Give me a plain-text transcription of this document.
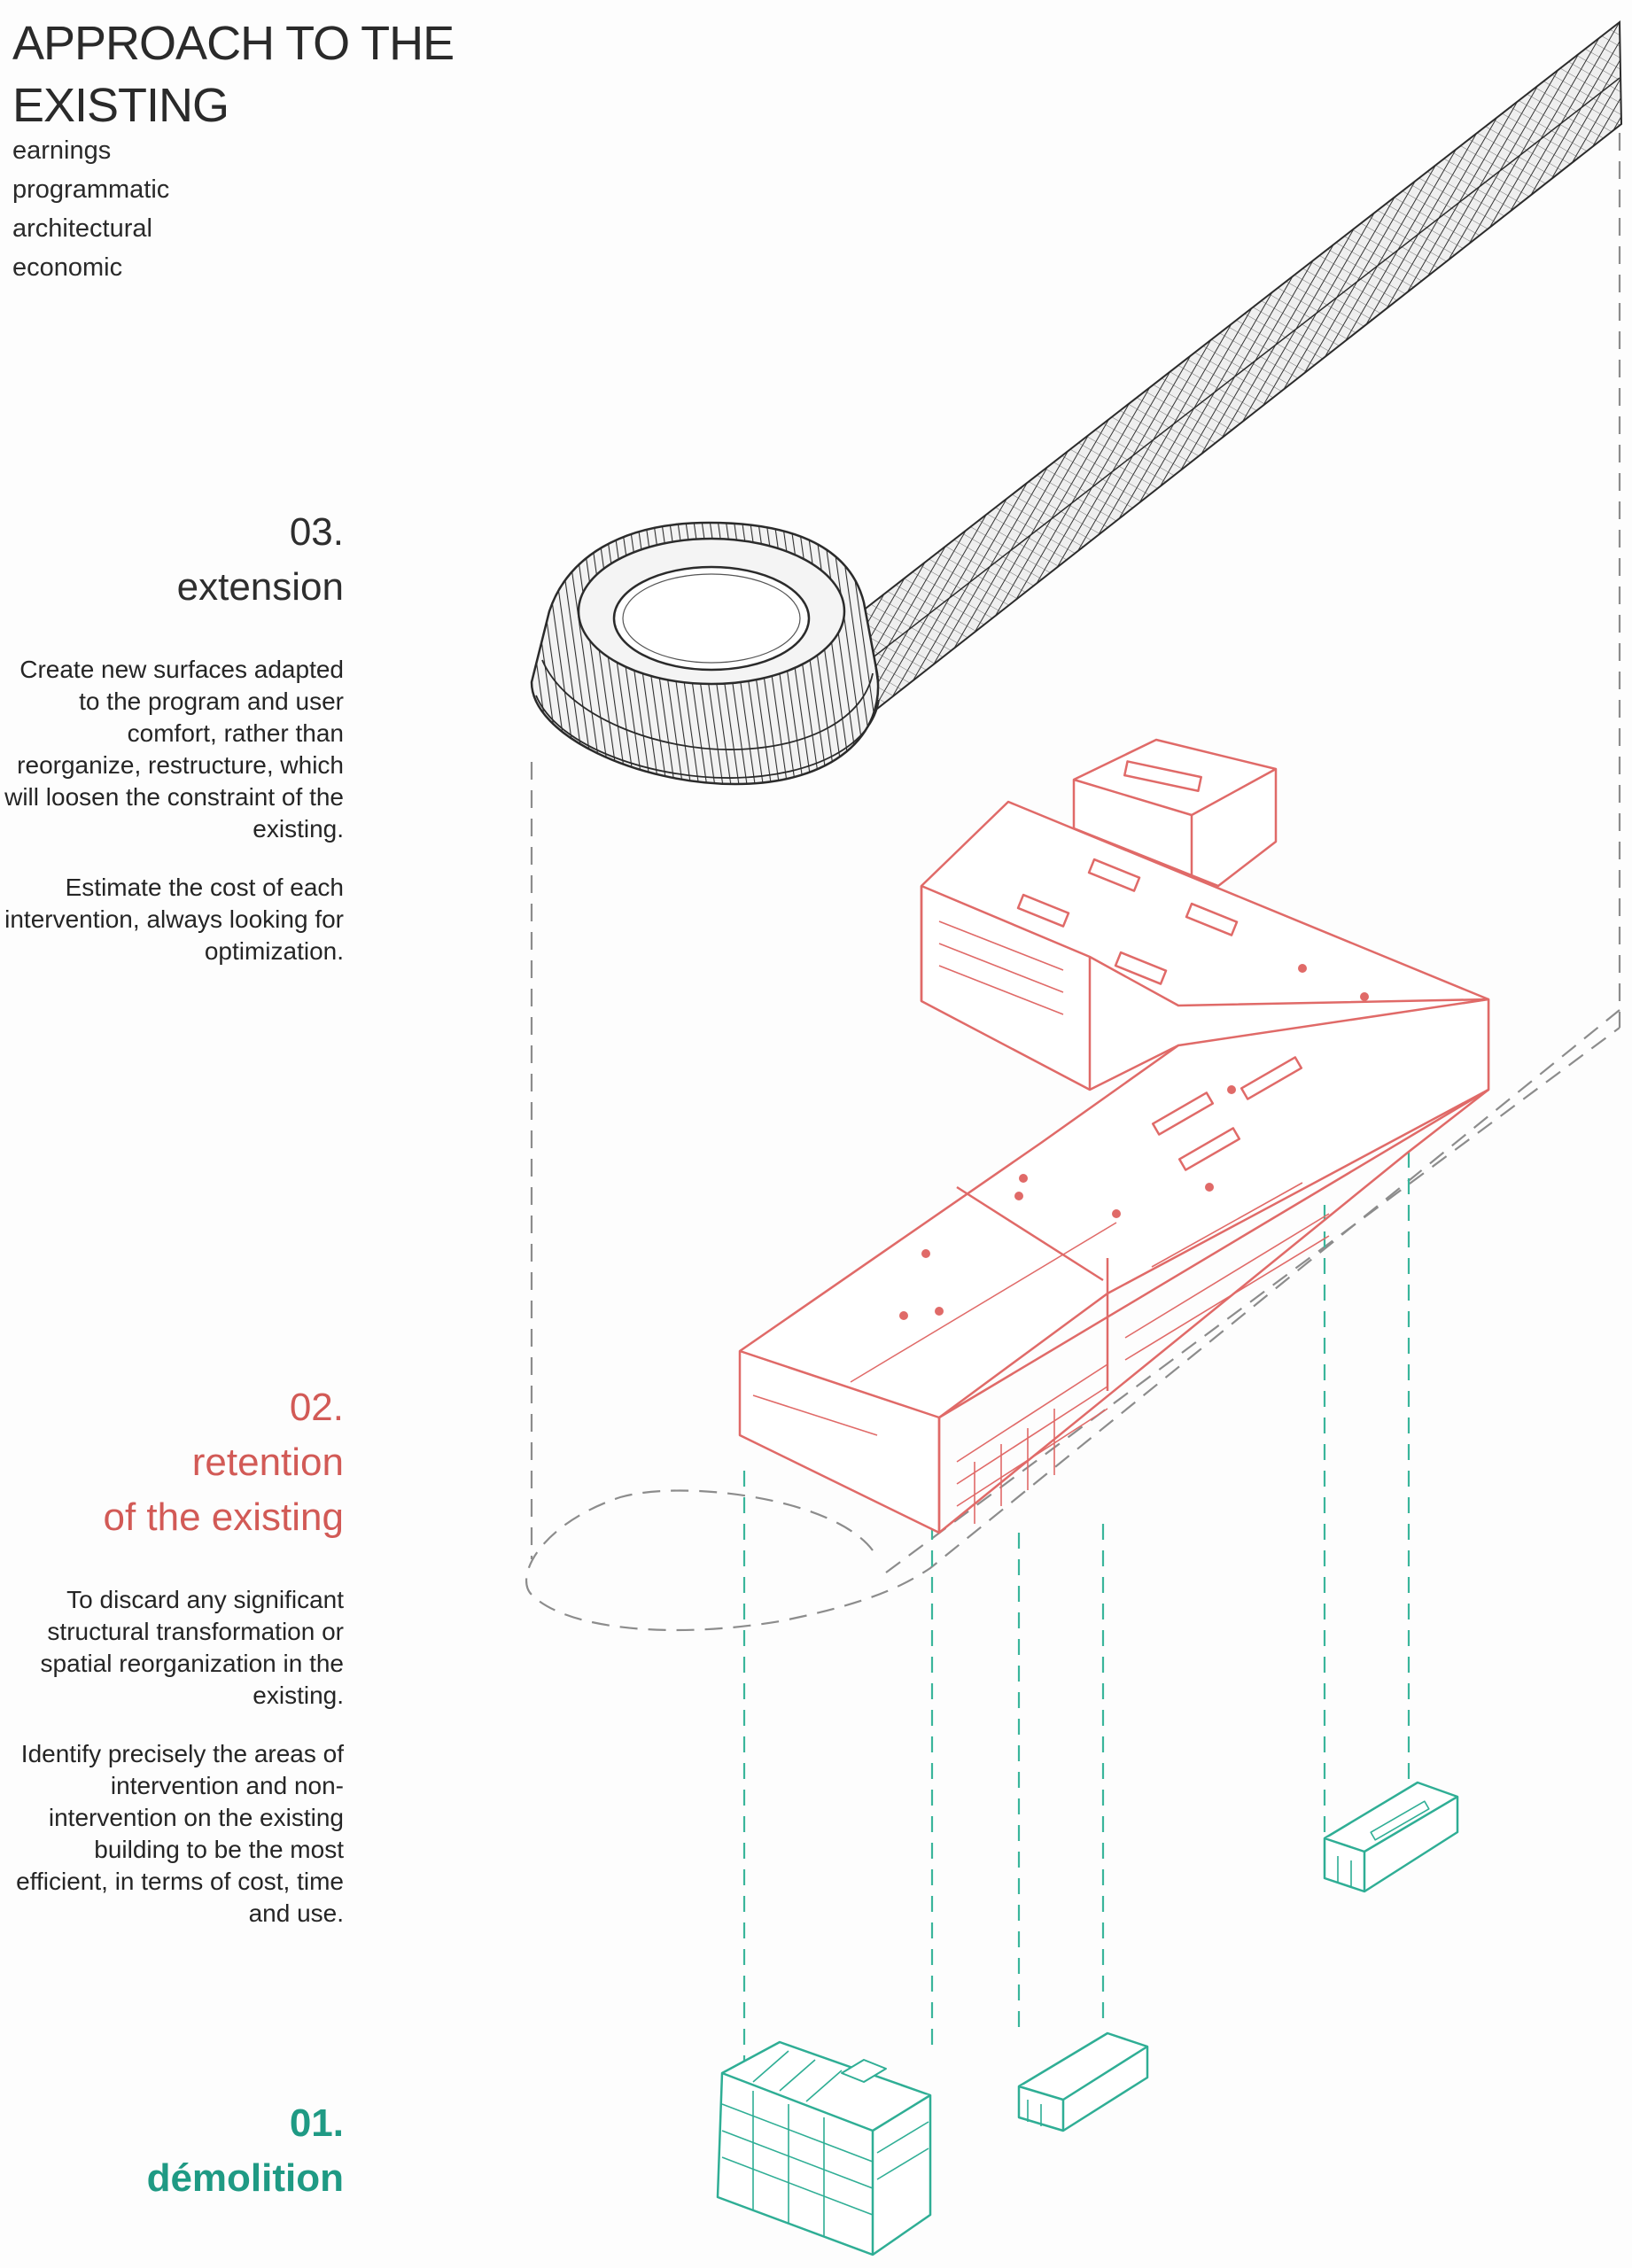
APPROACH TO THE
EXISTING
earnings
programmatic
architectural
economic
03.
extension

Create new surfaces adapted to the program and user comfort, rather than reorganize, restructure, which will loosen the constraint of the existing.

Estimate the cost of each intervention, always looking for optimization.

02.
retention
of the existing

To discard any significant structural transformation or spatial reorganization in the existing.

Identify precisely the areas of intervention and non-intervention on the existing building to be the most efficient, in terms of cost, time and use.

01.
démolition
